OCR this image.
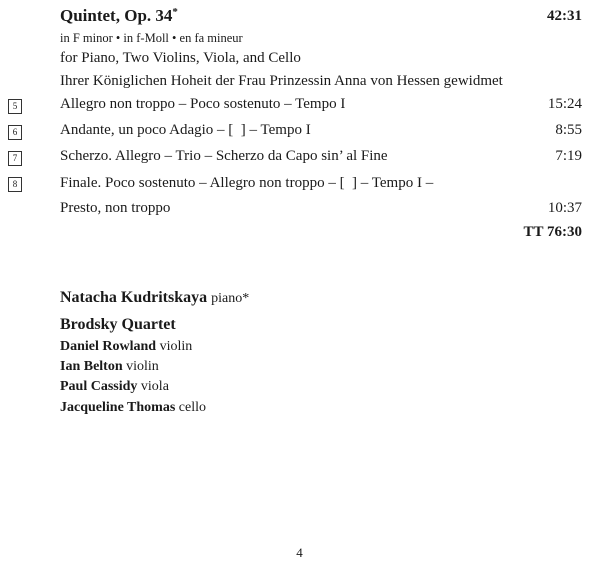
Quintet, Op. 34*	42:31
in F minor • in f-Moll • en fa mineur
for Piano, Two Violins, Viola, and Cello
Ihrer Königlichen Hoheit der Frau Prinzessin Anna von Hessen gewidmet
5	Allegro non troppo – Poco sostenuto – Tempo I	15:24
6	Andante, un poco Adagio – [  ] – Tempo I	8:55
7	Scherzo. Allegro – Trio – Scherzo da Capo sin’ al Fine	7:19
8	Finale. Poco sostenuto – Allegro non troppo – [  ] – Tempo I –
Presto, non troppo	10:37
TT 76:30
Natacha Kudritskaya piano*
Brodsky Quartet
Daniel Rowland violin
Ian Belton violin
Paul Cassidy viola
Jacqueline Thomas cello
4
